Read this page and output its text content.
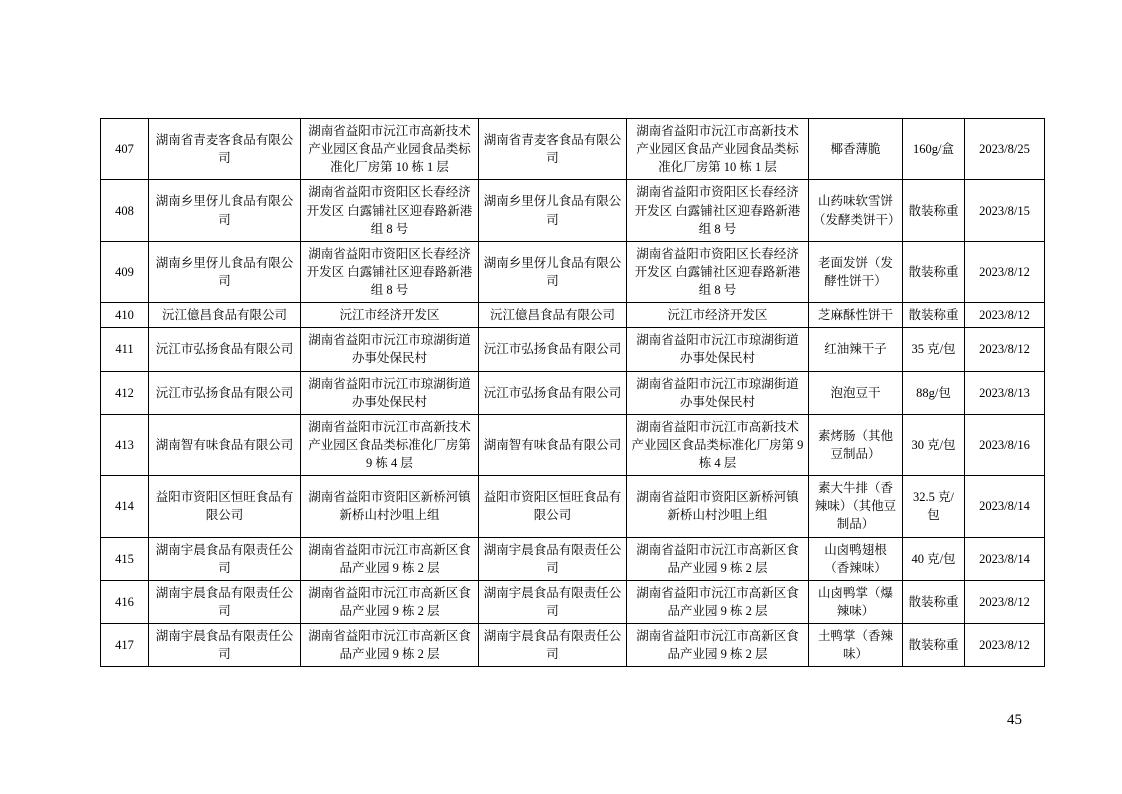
407	湖南省青麦客食品有限公司	湖南省益阳市沅江市高新技术产业园区食品产业园食品类标准化厂房第 10 栋 1 层	湖南省青麦客食品有限公司	湖南省益阳市沅江市高新技术产业园区食品产业园食品类标准化厂房第 10 栋 1 层	椰香薄脆	160g/盒	2023/8/25
408	湖南乡里伢儿食品有限公司	湖南省益阳市资阳区长春经济开发区 白露铺社区迎春路新港组 8 号	湖南乡里伢儿食品有限公司	湖南省益阳市资阳区长春经济开发区 白露铺社区迎春路新港组 8 号	山药味软雪饼（发酵类饼干）	散装称重	2023/8/15
409	湖南乡里伢儿食品有限公司	湖南省益阳市资阳区长春经济开发区 白露铺社区迎春路新港组 8 号	湖南乡里伢儿食品有限公司	湖南省益阳市资阳区长春经济开发区 白露铺社区迎春路新港组 8 号	老面发饼（发酵性饼干）	散装称重	2023/8/12
410	沅江億昌食品有限公司	沅江市经济开发区	沅江億昌食品有限公司	沅江市经济开发区	芝麻酥性饼干	散装称重	2023/8/12
411	沅江市弘扬食品有限公司	湖南省益阳市沅江市琼湖街道办事处保民村	沅江市弘扬食品有限公司	湖南省益阳市沅江市琼湖街道办事处保民村	红油辣干子	35 克/包	2023/8/12
412	沅江市弘扬食品有限公司	湖南省益阳市沅江市琼湖街道办事处保民村	沅江市弘扬食品有限公司	湖南省益阳市沅江市琼湖街道办事处保民村	泡泡豆干	88g/包	2023/8/13
413	湖南智有味食品有限公司	湖南省益阳市沅江市高新技术产业园区食品类标准化厂房第 9 栋 4 层	湖南智有味食品有限公司	湖南省益阳市沅江市高新技术产业园区食品类标准化厂房第 9 栋 4 层	素烤肠（其他豆制品）	30 克/包	2023/8/16
414	益阳市资阳区恒旺食品有限公司	湖南省益阳市资阳区新桥河镇新桥山村沙咀上组	益阳市资阳区恒旺食品有限公司	湖南省益阳市资阳区新桥河镇新桥山村沙咀上组	素大牛排（香辣味）（其他豆制品）	32.5 克/包	2023/8/14
415	湖南宇晨食品有限责任公司	湖南省益阳市沅江市高新区食品产业园 9 栋 2 层	湖南宇晨食品有限责任公司	湖南省益阳市沅江市高新区食品产业园 9 栋 2 层	山卤鸭翅根（香辣味）	40 克/包	2023/8/14
416	湖南宇晨食品有限责任公司	湖南省益阳市沅江市高新区食品产业园 9 栋 2 层	湖南宇晨食品有限责任公司	湖南省益阳市沅江市高新区食品产业园 9 栋 2 层	山卤鸭掌（爆辣味）	散装称重	2023/8/12
417	湖南宇晨食品有限责任公司	湖南省益阳市沅江市高新区食品产业园 9 栋 2 层	湖南宇晨食品有限责任公司	湖南省益阳市沅江市高新区食品产业园 9 栋 2 层	土鸭掌（香辣味）	散装称重	2023/8/12
45
